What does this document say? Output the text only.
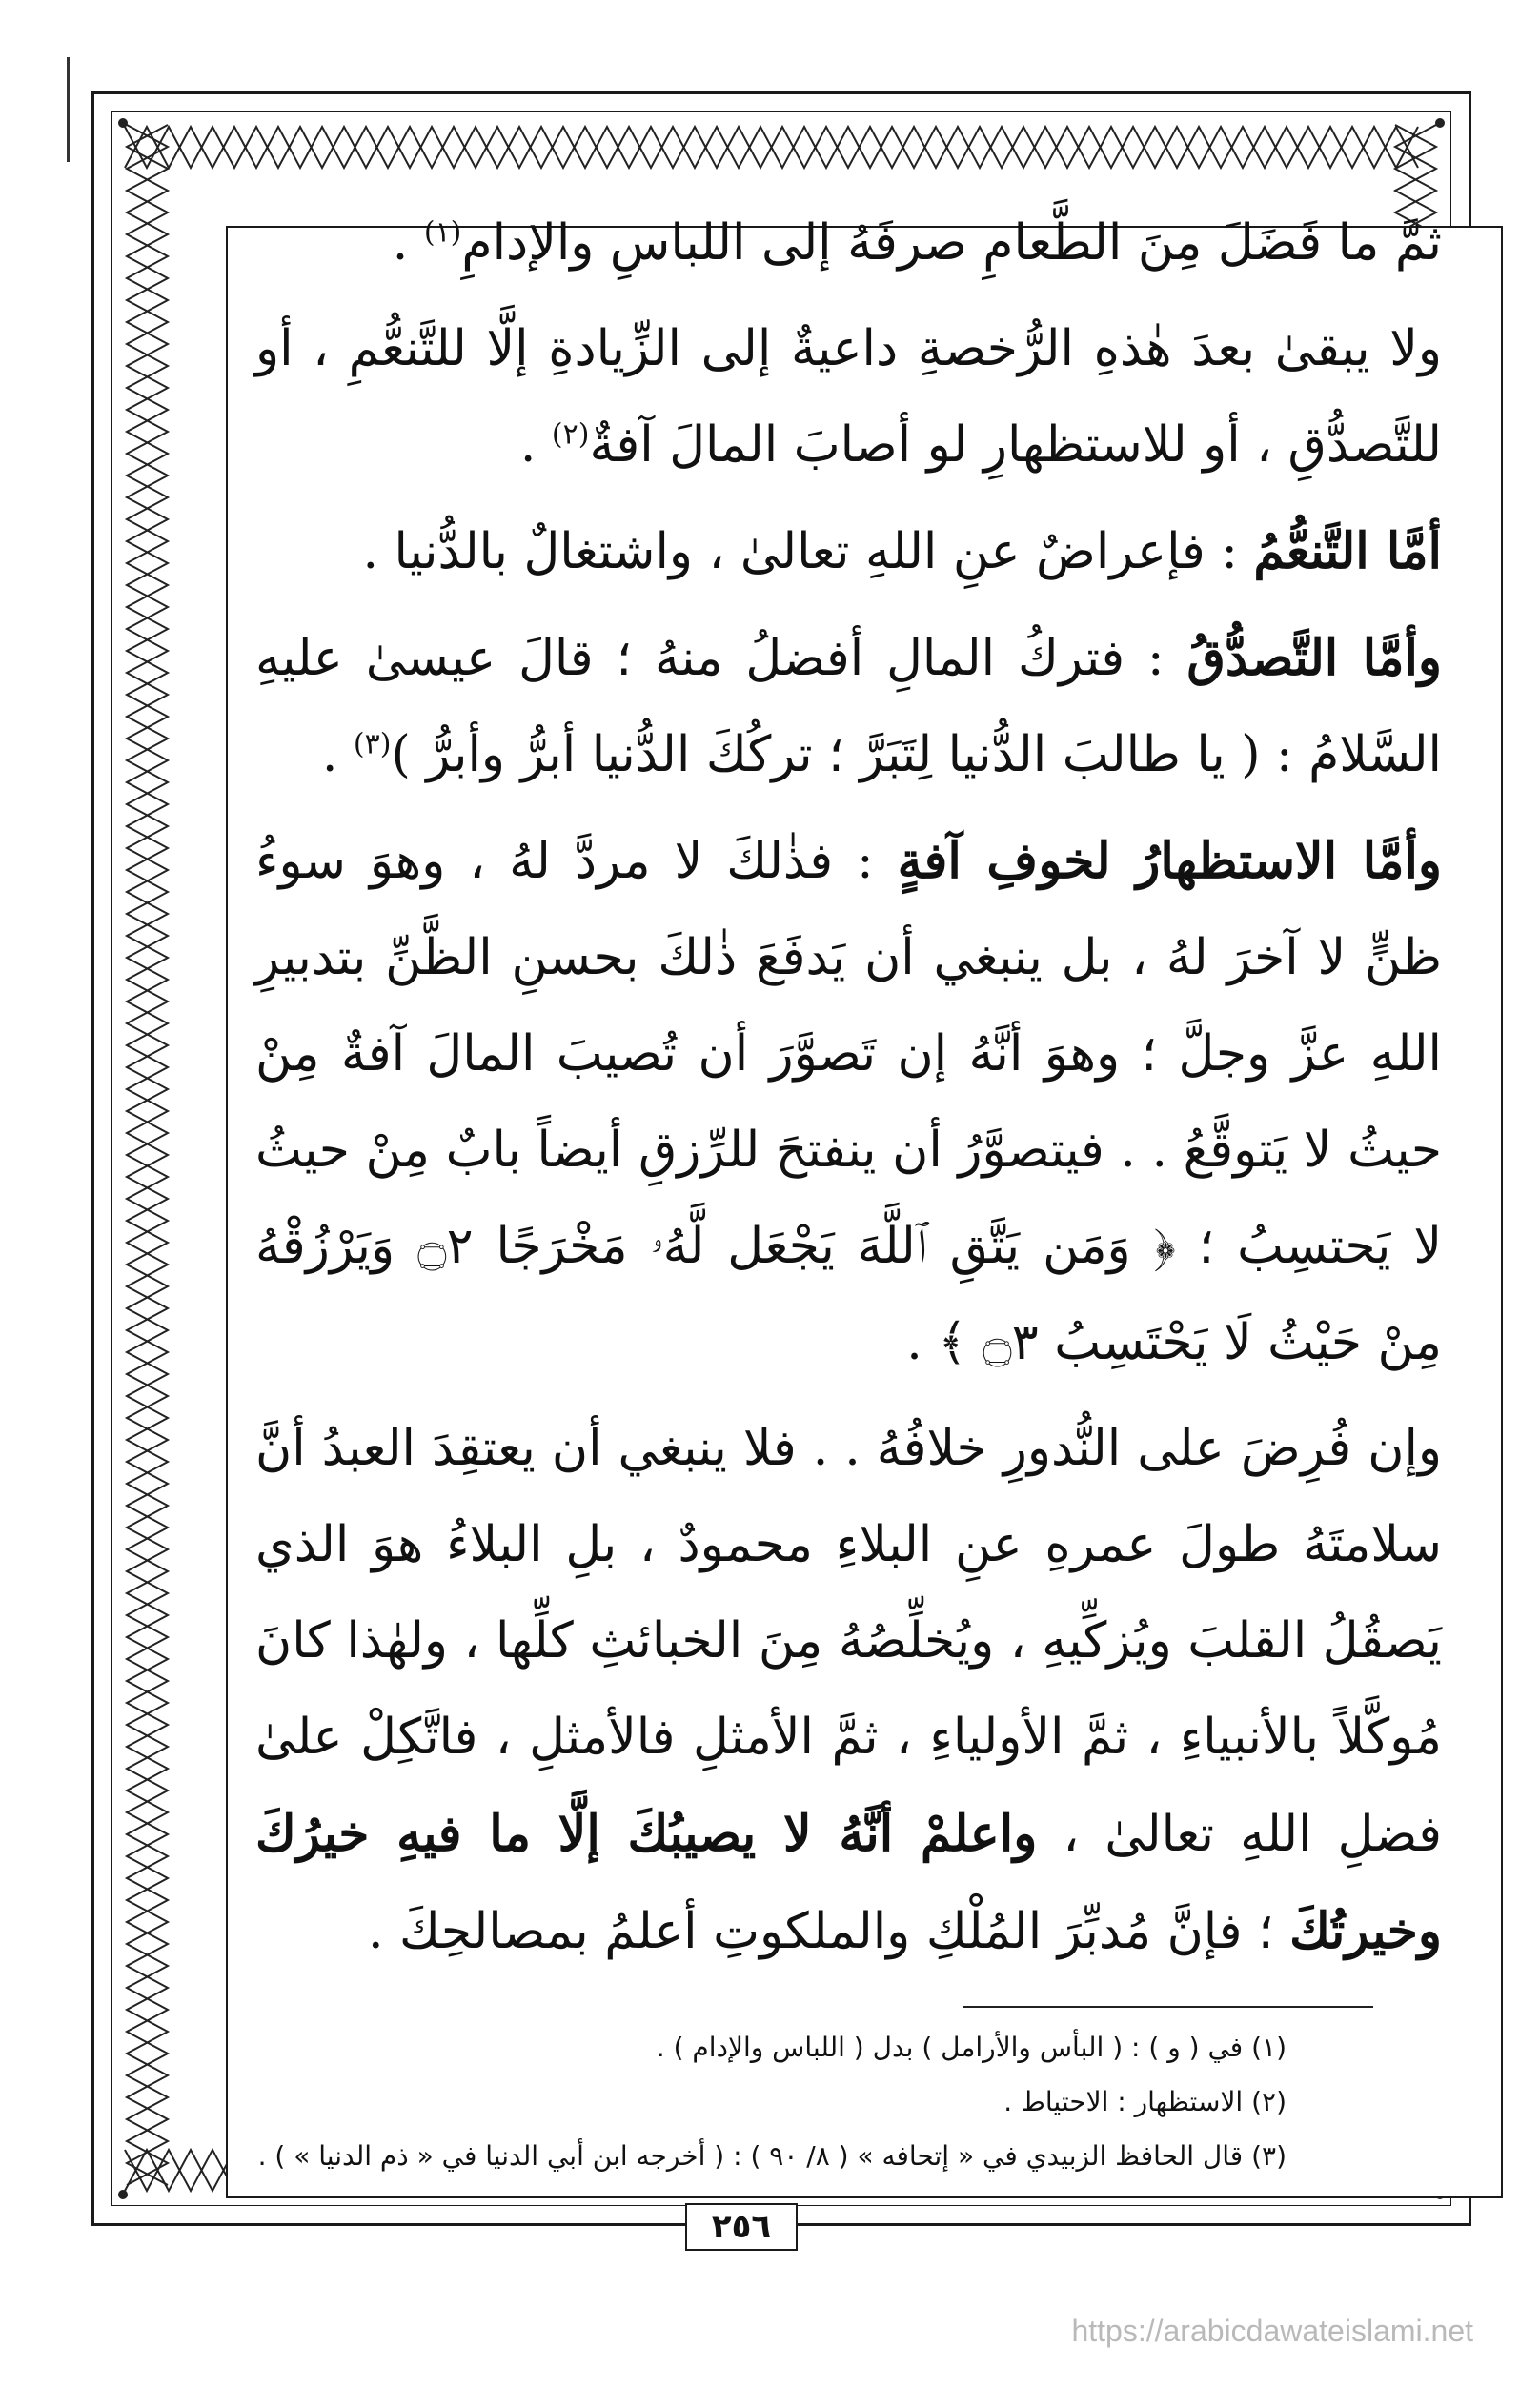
ثمَّ ما فَضَلَ مِنَ الطَّعامِ صرفَهُ إلى اللباسِ والإدامِ$^{(١)}$ .

ولا يبقىٰ بعدَ هٰذهِ الرُّخصةِ داعيةٌ إلى الزِّيادةِ إلَّا للتَّنعُّمِ ، أو للتَّصدُّقِ ، أو للاستظهارِ لو أصابَ المالَ آفةٌ$^{(٢)}$ .

أمَّا التَّنعُّمُ : فإعراضٌ عنِ اللهِ تعالىٰ ، واشتغالٌ بالدُّنيا .

وأمَّا التَّصدُّقُ : فتركُ المالِ أفضلُ منهُ ؛ قالَ عيسىٰ عليهِ السَّلامُ : ( يا طالبَ الدُّنيا لِتَبَرَّ ؛ تركُكَ الدُّنيا أبرُّ وأبرُّ )$^{(٣)}$ .

وأمَّا الاستظهارُ لخوفِ آفةٍ : فذٰلكَ لا مردَّ لهُ ، وهوَ سوءُ ظنٍّ لا آخرَ لهُ ، بل ينبغي أن يَدفَعَ ذٰلكَ بحسنِ الظَّنِّ بتدبيرِ اللهِ عزَّ وجلَّ ؛ وهوَ أنَّهُ إن تَصوَّرَ أن تُصيبَ المالَ آفةٌ مِنْ حيثُ لا يَتوقَّعُ . . فيتصوَّرُ أن ينفتحَ للرِّزقِ أيضاً بابٌ مِنْ حيثُ لا يَحتسِبُ ؛ ﴿ وَمَن يَتَّقِ ٱللَّهَ يَجْعَل لَّهُۥ مَخْرَجًا ۝٢ وَيَرْزُقْهُ مِنْ حَيْثُ لَا يَحْتَسِبُ ۝٣ ﴾ .

وإن فُرِضَ على النُّدورِ خلافُهُ . . فلا ينبغي أن يعتقِدَ العبدُ أنَّ سلامتَهُ طولَ عمرهِ عنِ البلاءِ محمودٌ ، بلِ البلاءُ هوَ الذي يَصقُلُ القلبَ ويُزكِّيهِ ، ويُخلِّصُهُ مِنَ الخبائثِ كلِّها ، ولهٰذا كانَ مُوكَّلاً بالأنبياءِ ، ثمَّ الأولياءِ ، ثمَّ الأمثلِ فالأمثلِ ، فاتَّكِلْ علىٰ فضلِ اللهِ تعالىٰ ، واعلمْ أنَّهُ لا يصيبُكَ إلَّا ما فيهِ خيرُكَ وخيرتُكَ ؛ فإنَّ مُدبِّرَ المُلْكِ والملكوتِ أعلمُ بمصالحِكَ .

(١) في ( و ) : ( البأس والأرامل ) بدل ( اللباس والإدام ) .
(٢) الاستظهار : الاحتياط .
(٣) قال الحافظ الزبيدي في « إتحافه » ( ٨/ ٩٠ ) : ( أخرجه ابن أبي الدنيا في « ذم الدنيا » ) .
٢٥٦
https://arabicdawateislami.net
